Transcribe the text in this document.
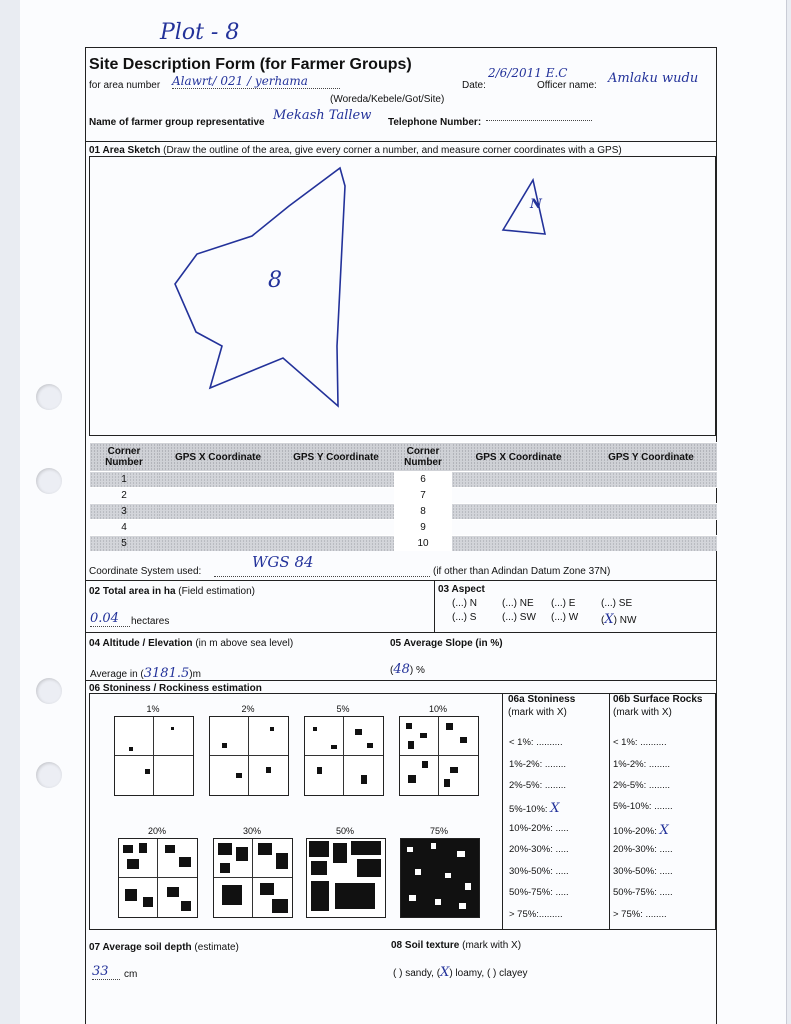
Plot - 8
Site Description Form (for Farmer Groups)
for area number Alawrt/ 021 / yerhama
(Woreda/Kebele/Got/Site)
Date:
2/6/2011 E.C
Officer name: Amlaku wudu
Name of farmer group representative Mekash Tallew Telephone Number:
01 Area Sketch (Draw the outline of the area, give every corner a number, and measure corner coordinates with a GPS)
8
N
Corner Number	GPS X Coordinate	GPS Y Coordinate	Corner Number	GPS X Coordinate	GPS Y Coordinate
1			6		
2			7		
3			8		
4			9		
5			10		
Coordinate System used:
WGS 84
(if other than Adindan Datum Zone 37N)
02 Total area in ha (Field estimation)
0.04	hectares
03 Aspect
(...) N	(...) NE (...) E	(...) SE
(...) S	(...) SW (...) W (X) NW
04 Altitude / Elevation (in m above sea level)
Average in (3181.5)m
05 Average Slope (in %)
(48) %
06 Stoniness / Rockiness estimation
1%	2%	5%	10%
20%	30%	50%	75%
06a Stoniness
(mark with X)
< 1%: ..........
1%-2%: ........
2%-5%: ........
5%-10%: X
10%-20%: .....
20%-30%: .....
30%-50%: .....
50%-75%: .....
> 75%:.........
06b Surface Rocks
(mark with X)
< 1%: ..........
1%-2%: ........
2%-5%: ........
5%-10%: .......
10%-20%: X
20%-30%: .....
30%-50%: .....
50%-75%: .....
> 75%: ........
07 Average soil depth (estimate)
33	cm
08 Soil texture (mark with X)
( ) sandy, (X) loamy, ( ) clayey
